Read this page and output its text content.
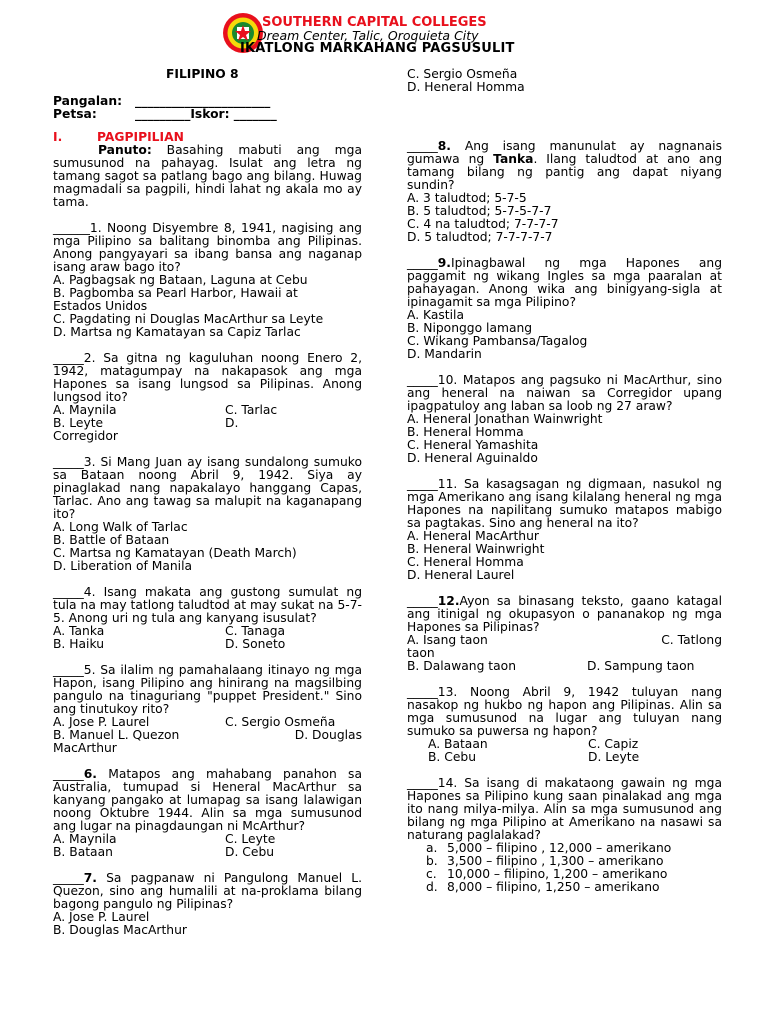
SOUTHERN CAPITAL COLLEGES
Dream Center, Talic, Oroquieta City
IKATLONG MARKAHANG PAGSUSULIT
FILIPINO 8
Pangalan: ______________________
Petsa:	_________Iskor: _______
I.	PAGPIPILIAN
Panuto: Basahing mabuti ang mga sumusunod na pahayag. Isulat ang letra ng tamang sagot sa patlang bago ang bilang. Huwag magmadali sa pagpili, hindi lahat ng akala mo ay tama.
______1. Noong Disyembre 8, 1941, nagising ang mga Pilipino sa balitang binomba ang Pilipinas. Anong pangyayari sa ibang bansa ang naganap isang araw bago ito?
A. Pagbagsak ng Bataan, Laguna at Cebu
B. Pagbomba sa Pearl Harbor, Hawaii at
Estados Unidos
C. Pagdating ni Douglas MacArthur sa Leyte
D. Martsa ng Kamatayan sa Capiz Tarlac
_____2. Sa gitna ng kaguluhan noong Enero 2, 1942, matagumpay na nakapasok ang mga Hapones sa isang lungsod sa Pilipinas. Anong lungsod ito?
A. Maynila	C. Tarlac
B. Leyte	D.
Corregidor
_____3. Si Mang Juan ay isang sundalong sumuko sa Bataan noong Abril 9, 1942. Siya ay pinaglakad nang napakalayo hanggang Capas, Tarlac. Ano ang tawag sa malupit na kaganapang ito?
A. Long Walk of Tarlac
B. Battle of Bataan
C. Martsa ng Kamatayan (Death March)
D. Liberation of Manila
_____4. Isang makata ang gustong sumulat ng tula na may tatlong taludtod at may sukat na 5-7-5. Anong uri ng tula ang kanyang isusulat?
A. Tanka	C. Tanaga
B. Haiku	D. Soneto
_____5. Sa ilalim ng pamahalaang itinayo ng mga Hapon, isang Pilipino ang hinirang na magsilbing pangulo na tinaguriang "puppet President." Sino ang tinutukoy rito?
A. Jose P. Laurel	C. Sergio Osmeña
B. Manuel L. Quezon	D. Douglas
MacArthur
_____6. Matapos ang mahabang panahon sa Australia, tumupad si Heneral MacArthur sa kanyang pangako at lumapag sa isang lalawigan noong Oktubre 1944. Alin sa mga sumusunod ang lugar na pinagdaungan ni McArthur?
A. Maynila	C. Leyte
B. Bataan	D. Cebu
_____7. Sa pagpanaw ni Pangulong Manuel L. Quezon, sino ang humalili at na-proklama bilang bagong pangulo ng Pilipinas?
A. Jose P. Laurel
B. Douglas MacArthur
C. Sergio Osmeña
D. Heneral Homma
_____8. Ang isang manunulat ay nagnanais gumawa ng Tanka. Ilang taludtod at ano ang tamang bilang ng pantig ang dapat niyang sundin?
A. 3 taludtod; 5-7-5
B. 5 taludtod; 5-7-5-7-7
C. 4 na taludtod; 7-7-7-7
D. 5 taludtod; 7-7-7-7-7
_____9.Ipinagbawal ng mga Hapones ang paggamit ng wikang Ingles sa mga paaralan at pahayagan. Anong wika ang binigyang-sigla at ipinagamit sa mga Pilipino?
A. Kastila
B. Niponggo lamang
C. Wikang Pambansa/Tagalog
D. Mandarin
_____10. Matapos ang pagsuko ni MacArthur, sino ang heneral na naiwan sa Corregidor upang ipagpatuloy ang laban sa loob ng 27 araw?
A. Heneral Jonathan Wainwright
B. Heneral Homma
C. Heneral Yamashita
D. Heneral Aguinaldo
_____11. Sa kasagsagan ng digmaan, nasukol ng mga Amerikano ang isang kilalang heneral ng mga Hapones na napilitang sumuko matapos mabigo sa pagtakas. Sino ang heneral na ito?
A. Heneral MacArthur
B. Heneral Wainwright
C. Heneral Homma
D. Heneral Laurel
_____12.Ayon sa binasang teksto, gaano katagal ang itinigal ng okupasyon o pananakop ng mga Hapones sa Pilipinas?
A. Isang taon	C. Tatlong
taon
B. Dalawang taon	D. Sampung taon
_____13. Noong Abril 9, 1942 tuluyan nang nasakop ng hukbo ng hapon ang Pilipinas. Alin sa mga sumusunod na lugar ang tuluyan nang sumuko sa puwersa ng hapon?
A. Bataan	C. Capiz
B. Cebu	D. Leyte
_____14. Sa isang di makataong gawain ng mga Hapones sa Pilipino kung saan pinalakad ang mga ito nang milya-milya. Alin sa mga sumusunod ang bilang ng mga Pilipino at Amerikano na nasawi sa naturang paglalakad?
a. 5,000 – filipino , 12,000 – amerikano
b. 3,500 – filipino , 1,300 – amerikano
c. 10,000 – filipino, 1,200 – amerikano
d. 8,000 – filipino, 1,250 – amerikano
